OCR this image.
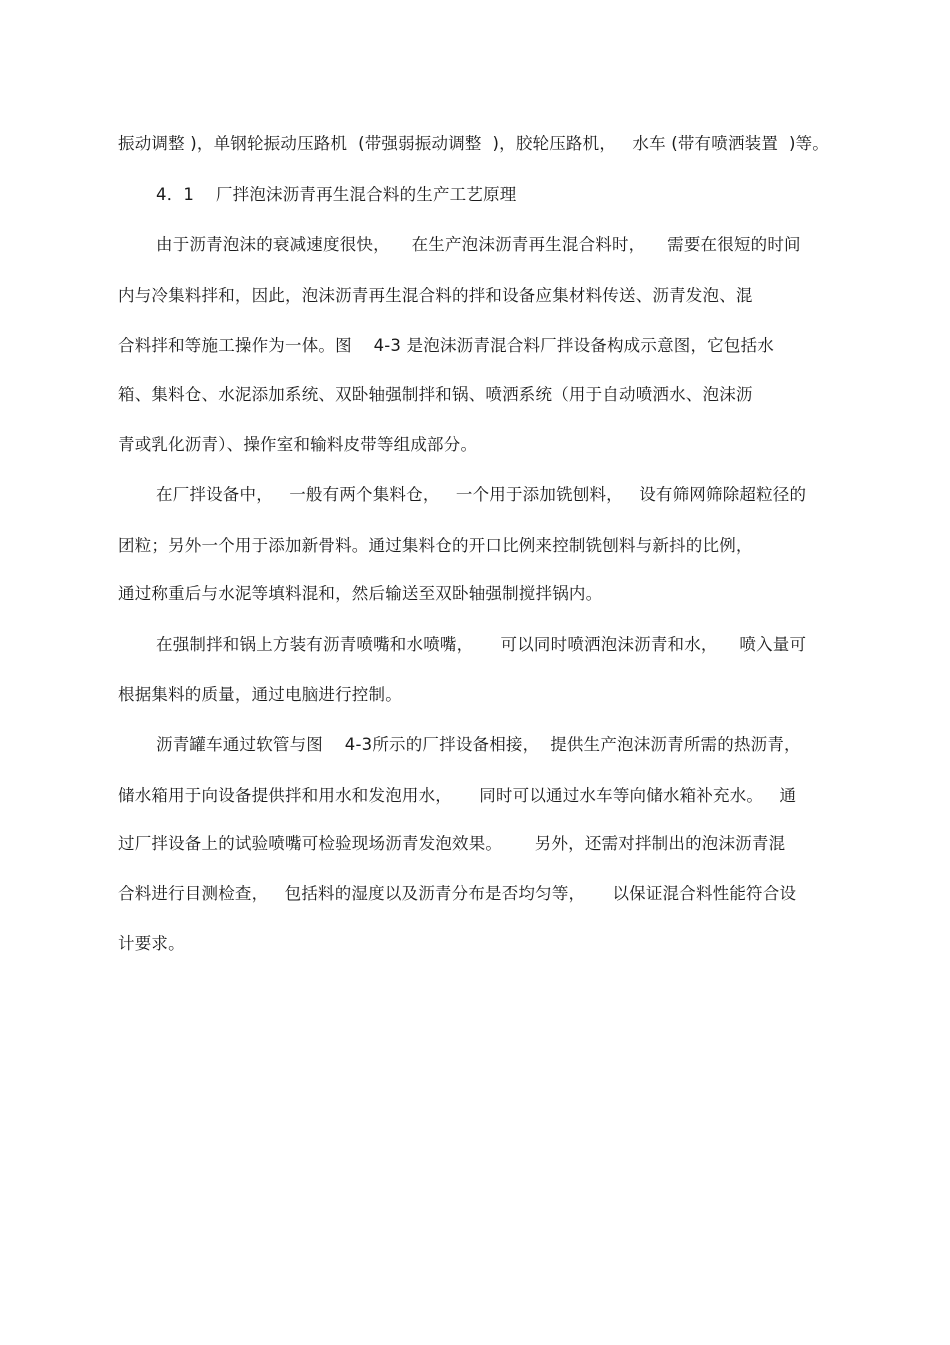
振动调整 )，单钢轮振动压路机  (带强弱振动调整  )，胶轮压路机，   水车 (带有喷洒装置  )等。
4．1    厂拌泡沫沥青再生混合料的生产工艺原理
由于沥青泡沫的衰减速度很快，    在生产泡沫沥青再生混合料时，    需要在很短的时间
内与冷集料拌和，因此，泡沫沥青再生混合料的拌和设备应集材料传送、沥青发泡、混
合料拌和等施工操作为一体。图    4-3 是泡沫沥青混合料厂拌设备构成示意图，它包括水
箱、集料仓、水泥添加系统、双卧轴强制拌和锅、喷洒系统（用于自动喷洒水、泡沫沥
青或乳化沥青）、操作室和输料皮带等组成部分。
在厂拌设备中，   一般有两个集料仓，   一个用于添加铣刨料，   设有筛网筛除超粒径的
团粒；另外一个用于添加新骨料。通过集料仓的开口比例来控制铣刨料与新抖的比例，
通过称重后与水泥等填料混和，然后输送至双卧轴强制搅拌锅内。
在强制拌和锅上方装有沥青喷嘴和水喷嘴，     可以同时喷洒泡沫沥青和水，    喷入量可
根据集料的质量，通过电脑进行控制。
沥青罐车通过软管与图    4-3所示的厂拌设备相接，  提供生产泡沫沥青所需的热沥青，
储水箱用于向设备提供拌和用水和发泡用水，     同时可以通过水车等向储水箱补充水。   通
过厂拌设备上的试验喷嘴可检验现场沥青发泡效果。      另外，还需对拌制出的泡沫沥青混
合料进行目测检查，   包括料的湿度以及沥青分布是否均匀等，     以保证混合料性能符合设
计要求。
